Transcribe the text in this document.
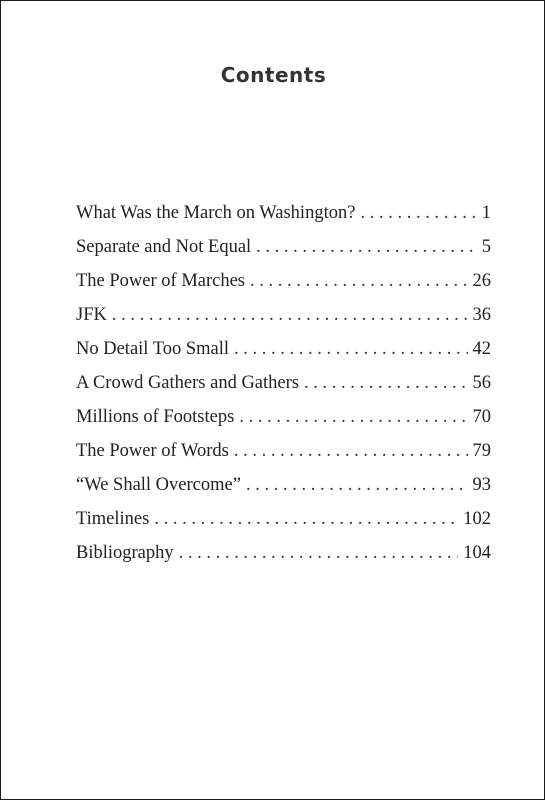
Contents
What Was the March on Washington? . . .	1
Separate and Not Equal . . .	5
The Power of Marches . . .	26
JFK . . .	36
No Detail Too Small . . .	42
A Crowd Gathers and Gathers . . .	56
Millions of Footsteps . . .	70
The Power of Words . . .	79
“We Shall Overcome” . . .	93
Timelines . . .	102
Bibliography . . .	104
